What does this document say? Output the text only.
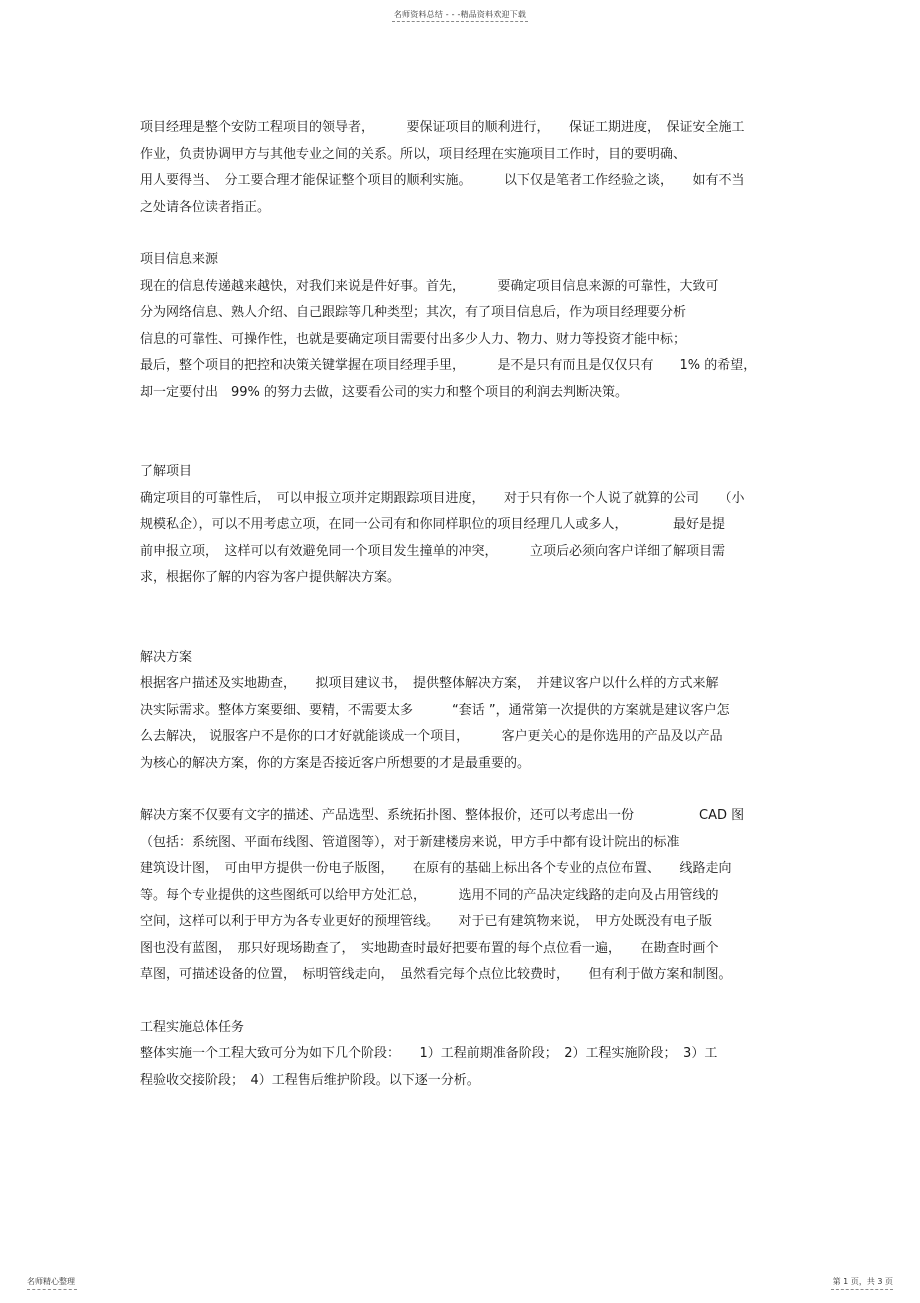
名师资料总结 - - -精品资料欢迎下载
项目经理是整个安防工程项目的领导者，　　　要保证项目的顺利进行，　　保证工期进度，　保证安全施工
作业，负责协调甲方与其他专业之间的关系。所以，项目经理在实施项目工作时，目的要明确、
用人要得当、　分工要合理才能保证整个项目的顺利实施。　　　以下仅是笔者工作经验之谈，　　如有不当
之处请各位读者指正。
项目信息来源
现在的信息传递越来越快，对我们来说是件好事。首先，　　　要确定项目信息来源的可靠性，大致可
分为网络信息、熟人介绍、自己跟踪等几种类型；其次，有了项目信息后，作为项目经理要分析
信息的可靠性、可操作性，也就是要确定项目需要付出多少人力、物力、财力等投资才能中标；
最后，整个项目的把控和决策关键掌握在项目经理手里，　　　是不是只有而且是仅仅只有　　1% 的希望，
却一定要付出　99% 的努力去做，这要看公司的实力和整个项目的利润去判断决策。
了解项目
确定项目的可靠性后，　可以申报立项并定期跟踪项目进度，　　对于只有你一个人说了就算的公司　　（小
规模私企），可以不用考虑立项，在同一公司有和你同样职位的项目经理几人或多人，　　　　最好是提
前申报立项，　这样可以有效避免同一个项目发生撞单的冲突，　　　立项后必须向客户详细了解项目需
求，根据你了解的内容为客户提供解决方案。
解决方案
根据客户描述及实地勘查，　　拟项目建议书，　提供整体解决方案，　并建议客户以什么样的方式来解
决实际需求。整体方案要细、要精，不需要太多　　　“套话 ”，通常第一次提供的方案就是建议客户怎
么去解决， 说服客户不是你的口才好就能谈成一个项目，　　　客户更关心的是你选用的产品及以产品
为核心的解决方案，你的方案是否接近客户所想要的才是最重要的。
解决方案不仅要有文字的描述、产品选型、系统拓扑图、整体报价，还可以考虑出一份　　　　　CAD 图
（包括：系统图、平面布线图、管道图等），对于新建楼房来说，甲方手中都有设计院出的标准
建筑设计图，　可由甲方提供一份电子版图，　　在原有的基础上标出各个专业的点位布置、　　线路走向
等。每个专业提供的这些图纸可以给甲方处汇总，　　　选用不同的产品决定线路的走向及占用管线的
空间，这样可以利于甲方为各专业更好的预埋管线。　　对于已有建筑物来说，　甲方处既没有电子版
图也没有蓝图，　那只好现场勘查了，　实地勘查时最好把要布置的每个点位看一遍，　　在勘查时画个
草图，可描述设备的位置，　标明管线走向，　虽然看完每个点位比较费时，　　但有利于做方案和制图。
工程实施总体任务
整体实施一个工程大致可分为如下几个阶段：　　1）工程前期准备阶段；　2）工程实施阶段；　3）工
程验收交接阶段；　4）工程售后维护阶段。以下逐一分析。
名师精心整理	第 1 页，共 3 页
